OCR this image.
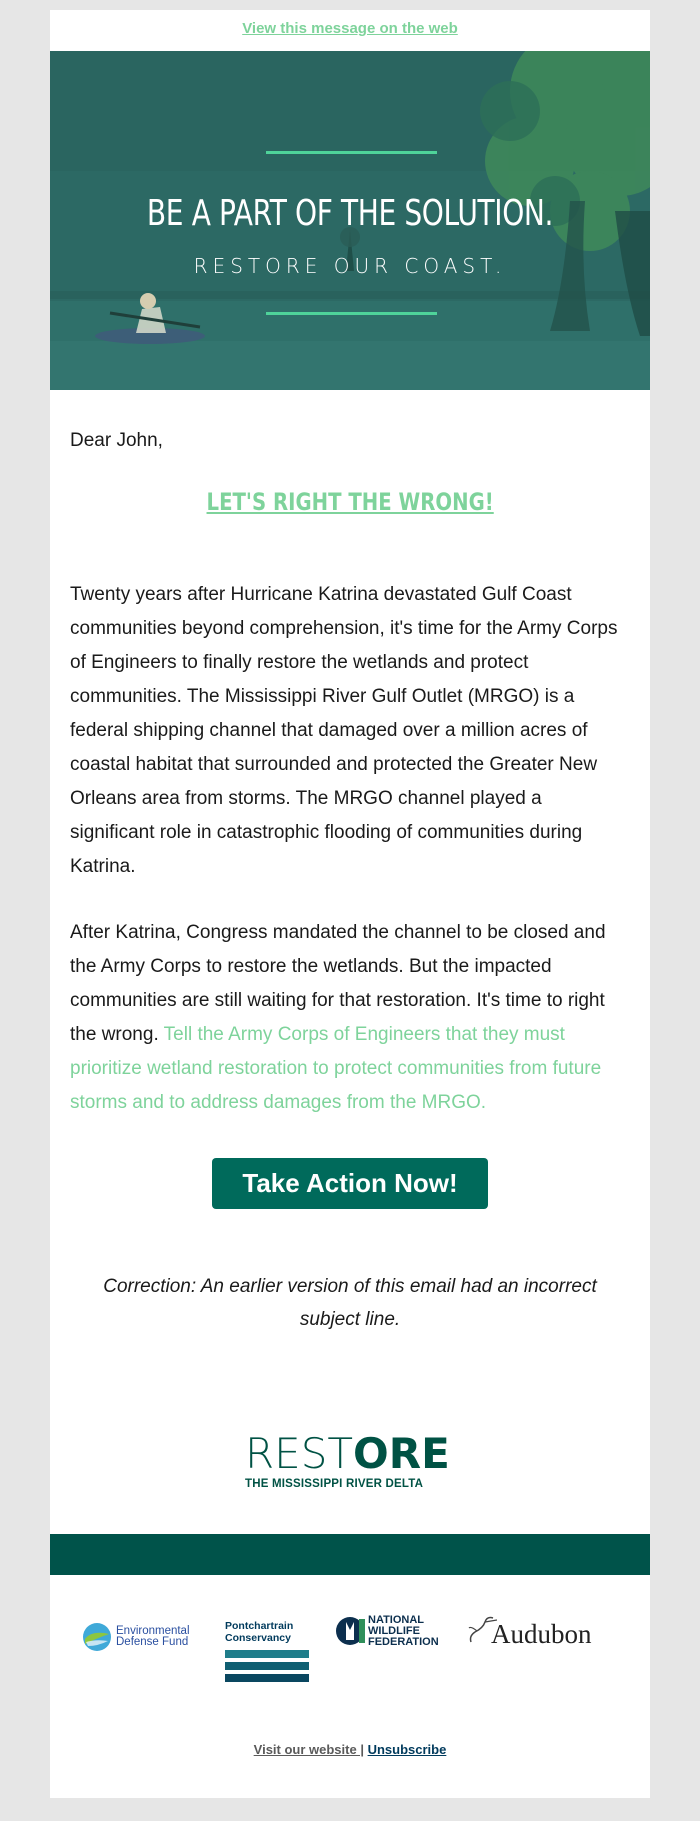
View this message on the web
BE A PART OF THE SOLUTION.
RESTORE OUR COAST.
Dear John,
LET'S RIGHT THE WRONG!

Twenty years after Hurricane Katrina devastated Gulf Coast communities beyond comprehension, it's time for the Army Corps of Engineers to finally restore the wetlands and protect communities. The Mississippi River Gulf Outlet (MRGO) is a federal shipping channel that damaged over a million acres of coastal habitat that surrounded and protected the Greater New Orleans area from storms. The MRGO channel played a significant role in catastrophic flooding of communities during Katrina.

After Katrina, Congress mandated the channel to be closed and the Army Corps to restore the wetlands. But the impacted communities are still waiting for that restoration. It's time to right the wrong. Tell the Army Corps of Engineers that they must prioritize wetland restoration to protect communities from future storms and to address damages from the MRGO.

Take Action Now!

Correction: An earlier version of this email had an incorrect subject line.

RESTORE
THE MISSISSIPPI RIVER DELTA
Environmental Defense Fund
Pontchartrain Conservancy
NATIONAL WILDLIFE FEDERATION Audubon
Visit our website | Unsubscribe
